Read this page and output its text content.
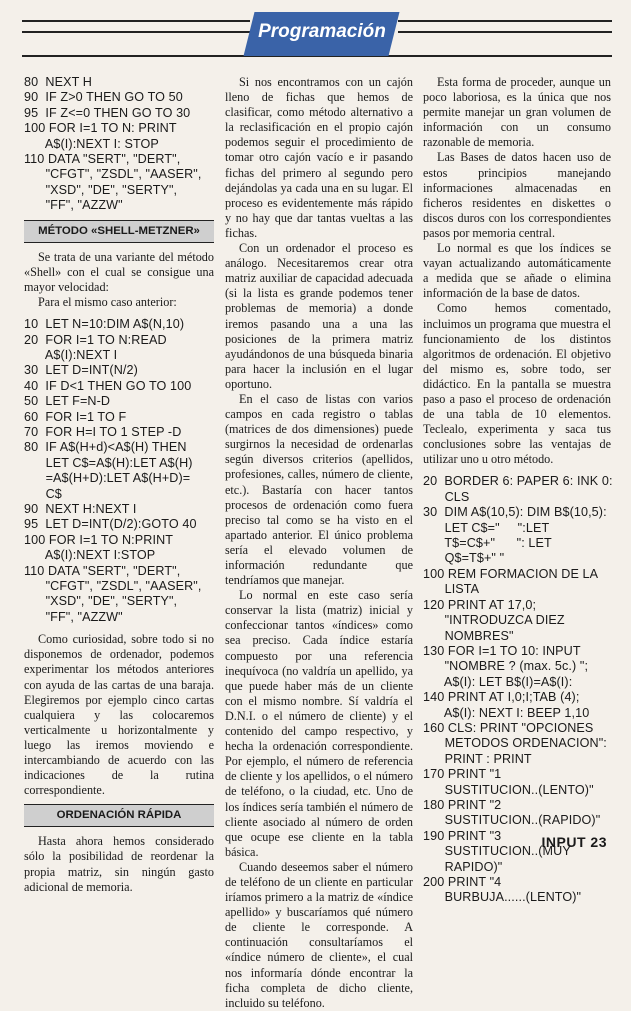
Programación
80  NEXT H
90  IF Z>0 THEN GO TO 50
95  IF Z<=0 THEN GO TO 30
100 FOR I=1 TO N: PRINT
A$(I):NEXT I: STOP
110 DATA "SERT", "DERT",
"CFGT", "ZSDL", "AASER",
"XSD", "DE", "SERTY",
"FF", "AZZW"
MÉTODO «SHELL-METZNER»

Se trata de una variante del método «Shell» con el cual se consigue una mayor velocidad:

Para el mismo caso anterior:

10  LET N=10:DIM A$(N,10)
20  FOR I=1 TO N:READ
A$(I):NEXT I
30  LET D=INT(N/2)
40  IF D<1 THEN GO TO 100
50  LET F=N-D
60  FOR I=1 TO F
70  FOR H=I TO 1 STEP -D
80  IF A$(H+d)<A$(H) THEN
LET C$=A$(H):LET A$(H)
=A$(H+D):LET A$(H+D)=
C$
90  NEXT H:NEXT I
95  LET D=INT(D/2):GOTO 40
100 FOR I=1 TO N:PRINT
A$(I):NEXT I:STOP
110 DATA "SERT", "DERT",
"CFGT", "ZSDL", "AASER",
"XSD", "DE", "SERTY",
"FF", "AZZW"

Como curiosidad, sobre todo si no disponemos de ordenador, podemos experimentar los métodos anteriores con ayuda de las cartas de una baraja. Elegiremos por ejemplo cinco cartas cualquiera y las colocaremos verticalmente u horizontalmente y luego las iremos moviendo e intercambiando de acuerdo con las indicaciones de la rutina correspondiente.

ORDENACIÓN RÁPIDA

Hasta ahora hemos considerado sólo la posibilidad de reordenar la propia matriz, sin ningún gasto adicional de memoria.

Si nos encontramos con un cajón lleno de fichas que hemos de clasificar, como método alternativo a la reclasificación en el propio cajón podemos seguir el procedimiento de tomar otro cajón vacío e ir pasando fichas del primero al segundo pero dejándolas ya cada una en su lugar. El proceso es evidentemente más rápido y no hay que dar tantas vueltas a las fichas.

Con un ordenador el proceso es análogo. Necesitaremos crear otra matriz auxiliar de capacidad adecuada (si la lista es grande podemos tener problemas de memoria) a donde iremos pasando una a una las posiciones de la primera matriz ayudándonos de una búsqueda binaria para hacer la inclusión en el lugar oportuno.

En el caso de listas con varios campos en cada registro o tablas (matrices de dos dimensiones) puede surgirnos la necesidad de ordenarlas según diversos criterios (apellidos, profesiones, calles, número de cliente, etc.). Bastaría con hacer tantos procesos de ordenación como fuera preciso tal como se ha visto en el apartado anterior. El único problema sería el elevado volumen de información redundante que tendríamos que manejar.

Lo normal en este caso sería conservar la lista (matriz) inicial y confeccionar tantos «índices» como sea preciso. Cada índice estaría compuesto por una referencia inequívoca (no valdría un apellido, ya que puede haber más de un cliente con el mismo nombre. Sí valdría el D.N.I. o el número de cliente) y el contenido del campo respectivo, y hecha la ordenación correspondiente. Por ejemplo, el número de referencia de cliente y los apellidos, o el número de teléfono, o la ciudad, etc. Uno de los índices sería también el número de cliente asociado al número de orden que ocupe ese cliente en la tabla básica.

Cuando deseemos saber el número de teléfono de un cliente en particular iríamos primero a la matriz de «índice apellido» y buscaríamos qué número de cliente le corresponde. A continuación consultaríamos el «índice número de cliente», el cual nos informaría dónde encontrar la ficha completa de dicho cliente, incluido su teléfono.

Esta forma de proceder, aunque un poco laboriosa, es la única que nos permite manejar un gran volumen de información con un consumo razonable de memoria.

Las Bases de datos hacen uso de estos principios manejando informaciones almacenadas en ficheros residentes en diskettes o discos duros con los correspondientes pasos por memoria central.

Lo normal es que los índices se vayan actualizando automáticamente a medida que se añade o elimina información de la base de datos.

Como hemos comentado, incluimos un programa que muestra el funcionamiento de los distintos algoritmos de ordenación. El objetivo del mismo es, sobre todo, ser didáctico. En la pantalla se muestra paso a paso el proceso de ordenación de una tabla de 10 elementos. Teclealo, experimenta y saca tus conclusiones sobre las ventajas de utilizar uno u otro método.

20  BORDER 6: PAPER 6: INK 0:
CLS
30  DIM A$(10,5): DIM B$(10,5):
LET C$="     ":LET
T$=C$+"      ": LET
Q$=T$+" "
100 REM FORMACION DE LA
LISTA
120 PRINT AT 17,0;
"INTRODUZCA DIEZ
NOMBRES"
130 FOR I=1 TO 10: INPUT
"NOMBRE ? (max. 5c.) ";
A$(I): LET B$(I)=A$(I):
140 PRINT AT I,0;I;TAB (4);
A$(I): NEXT I: BEEP 1,10
160 CLS: PRINT "OPCIONES
METODOS ORDENACION":
PRINT : PRINT
170 PRINT "1
SUSTITUCION..(LENTO)"
180 PRINT "2
SUSTITUCION..(RAPIDO)"
190 PRINT "3
SUSTITUCION..(MUY
RAPIDO)"
200 PRINT "4
BURBUJA......(LENTO)"
INPUT 23
